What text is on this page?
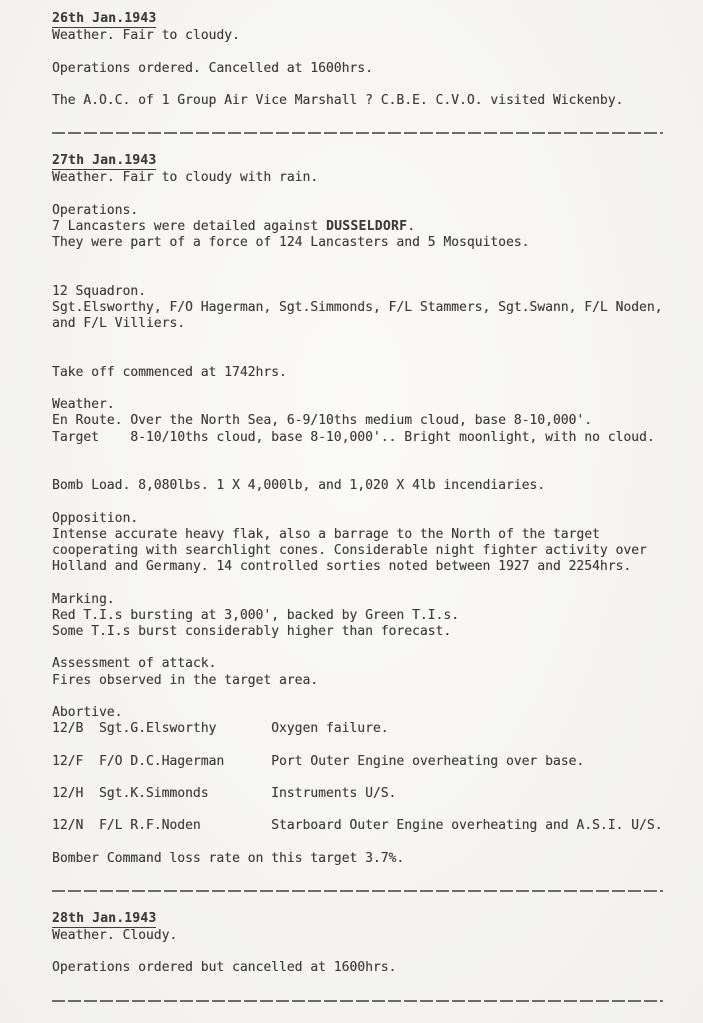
26th Jan.1943
Weather. Fair to cloudy.
Operations ordered. Cancelled at 1600hrs.
The A.O.C. of 1 Group Air Vice Marshall ? C.B.E. C.V.O. visited Wickenby.
27th Jan.1943
Weather. Fair to cloudy with rain.
Operations.
7 Lancasters were detailed against DUSSELDORF.
They were part of a force of 124 Lancasters and 5 Mosquitoes.
12 Squadron.
Sgt.Elsworthy, F/O Hagerman, Sgt.Simmonds, F/L Stammers, Sgt.Swann, F/L Noden,
and F/L Villiers.
Take off commenced at 1742hrs.
Weather.
En Route. Over the North Sea, 6-9/10ths medium cloud, base 8-10,000'.
Target    8-10/10ths cloud, base 8-10,000'.. Bright moonlight, with no cloud.
Bomb Load. 8,080lbs. 1 X 4,000lb, and 1,020 X 4lb incendiaries.
Opposition.
Intense accurate heavy flak, also a barrage to the North of the target
cooperating with searchlight cones. Considerable night fighter activity over
Holland and Germany. 14 controlled sorties noted between 1927 and 2254hrs.
Marking.
Red T.I.s bursting at 3,000', backed by Green T.I.s.
Some T.I.s burst considerably higher than forecast.
Assessment of attack.
Fires observed in the target area.
Abortive.
12/B  Sgt.G.Elsworthy       Oxygen failure.
12/F  F/O D.C.Hagerman      Port Outer Engine overheating over base.
12/H  Sgt.K.Simmonds        Instruments U/S.
12/N  F/L R.F.Noden         Starboard Outer Engine overheating and A.S.I. U/S.
Bomber Command loss rate on this target 3.7%.
28th Jan.1943
Weather. Cloudy.
Operations ordered but cancelled at 1600hrs.
